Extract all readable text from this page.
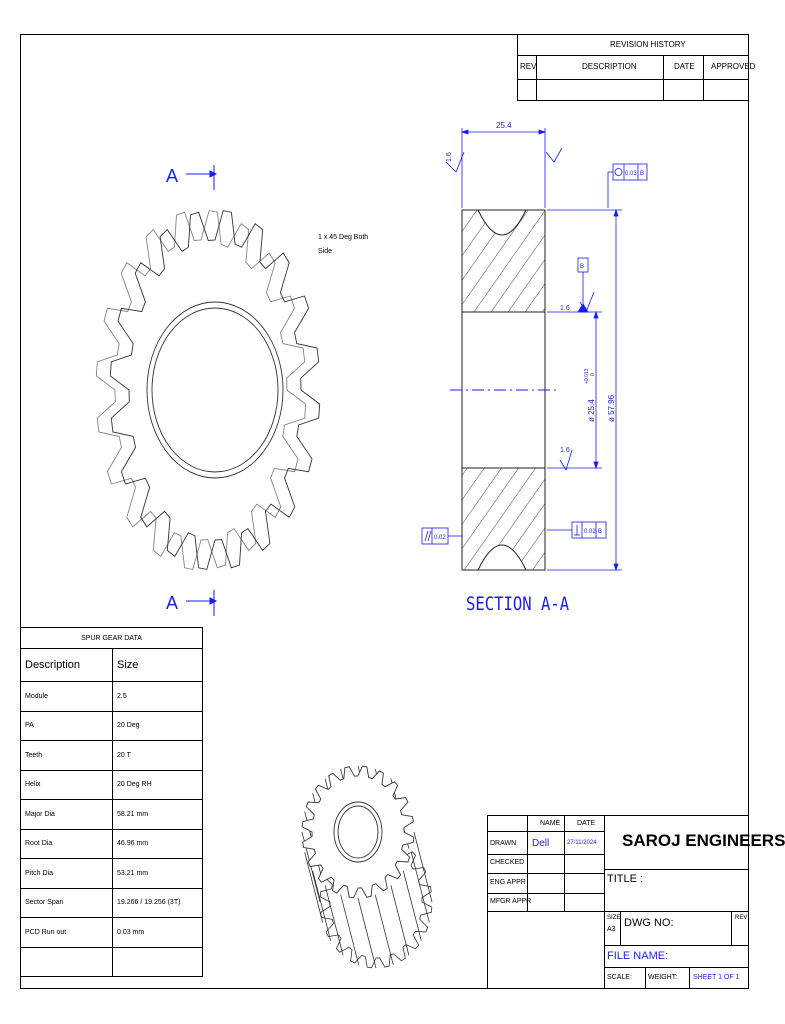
REVISION HISTORY
REV	DESCRIPTION	DATE APPROVED
A
A
1 x 45 Deg Both
Side
25.4
1.6
1.6
1.6
0.03 B
B
ø 25.4
+0.013 0
ø 57.96
0.02
0.02 B
SECTION A-A
SPUR GEAR DATA	
Description	Size
Module	2.5
PA	20 Deg
Teeth	20 T
Helix	20 Deg RH
Major Dia	58.21 mm
Root Dia	46.96 mm
Pitch Dia	53.21 mm
Sector Span	19.266 / 19.256 (3T)
PCD Run out	0.03 mm

NAME DATE
DRAWN Dell	27/11/2024
CHECKED
ENG APPR
MFGR APPR
SAROJ ENGINEERS
TITLE :
SIZE
A3
DWG NO:	REV
FILE NAME:
SCALE: WEIGHT: SHEET 1 OF 1
